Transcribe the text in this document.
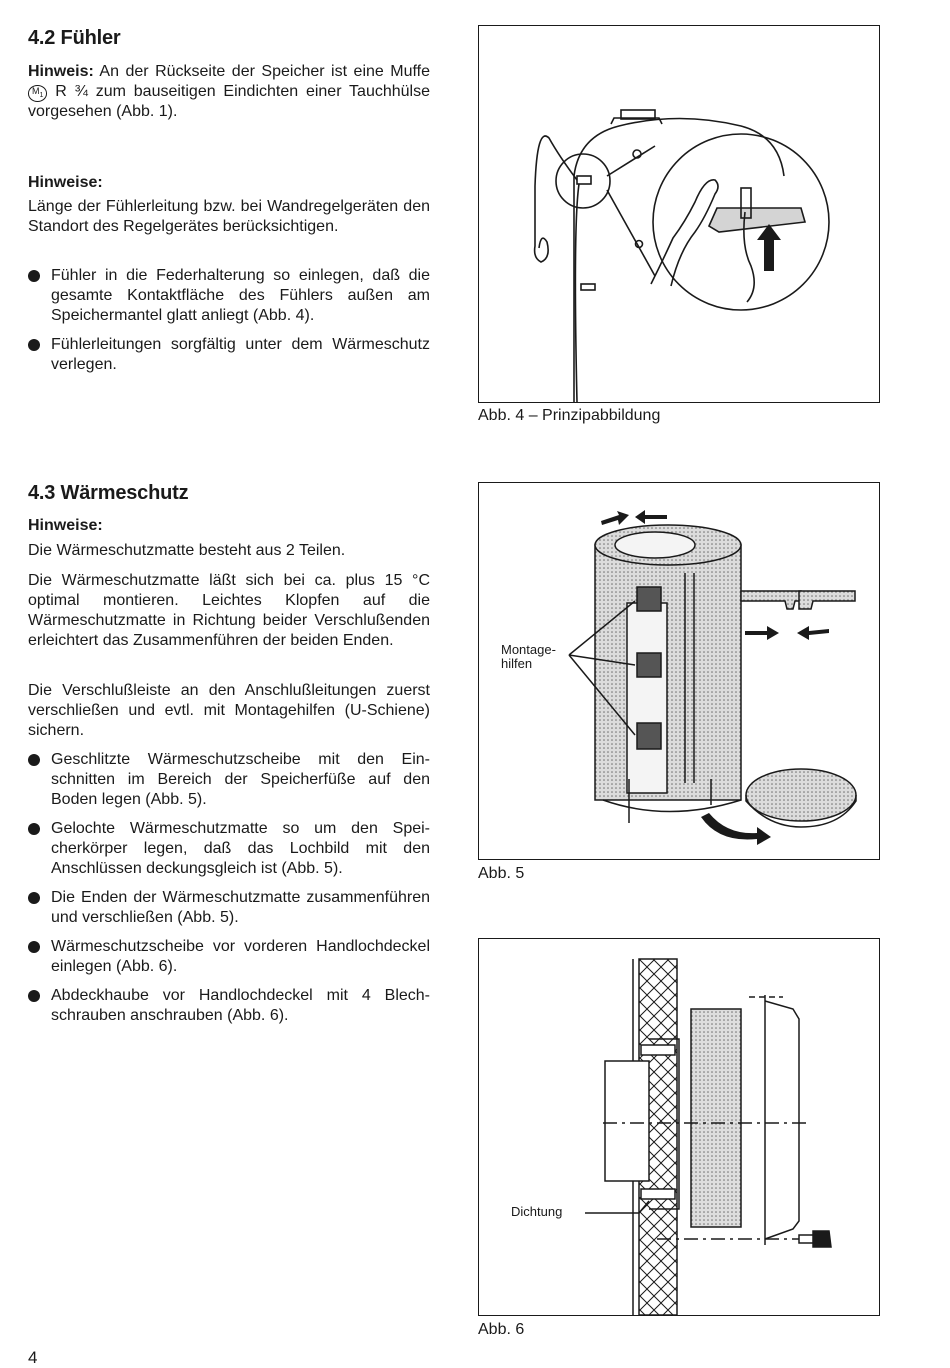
4.2 Fühler

Hinweis: An der Rückseite der Speicher ist eine Muffe $M_1$ R ¾ zum bauseitigen Eindichten einer Tauchhülse vorgesehen (Abb. 1).

Hinweise:

Länge der Fühlerleitung bzw. bei Wandregelgeräten den Standort des Regelgerätes berücksichtigen.

Fühler in die Federhalterung so einlegen, daß die gesamte Kontaktfläche des Fühlers außen am Speichermantel glatt anliegt (Abb. 4).
Fühlerleitungen sorgfältig unter dem Wärmeschutz verlegen.
4.3 Wärmeschutz

Hinweise:

Die Wärmeschutzmatte besteht aus 2 Teilen.

Die Wärmeschutzmatte läßt sich bei ca. plus 15 °C optimal montieren. Leichtes Klopfen auf die Wärmeschutzmatte in Richtung beider Verschlußenden erleichtert das Zusammenführen der beiden Enden.

Die Verschlußleiste an den Anschlußleitungen zuerst verschließen und evtl. mit Montagehilfen (U-Schiene) sichern.

Geschlitzte Wärmeschutzscheibe mit den Einschnitten im Bereich der Speicherfüße auf den Boden legen (Abb. 5).
Gelochte Wärmeschutzmatte so um den Speicherkörper legen, daß das Lochbild mit den Anschlüssen deckungsgleich ist (Abb. 5).
Die Enden der Wärmeschutzmatte zusammenführen und verschließen (Abb. 5).
Wärmeschutzscheibe vor vorderen Handlochdeckel einlegen (Abb. 6).
Abdeckhaube vor Handlochdeckel mit 4 Blechschrauben anschrauben (Abb. 6).
Abb. 4 – Prinzipabbildung
Montage-
hilfen
Abb. 5
Dichtung
Abb. 6
4
